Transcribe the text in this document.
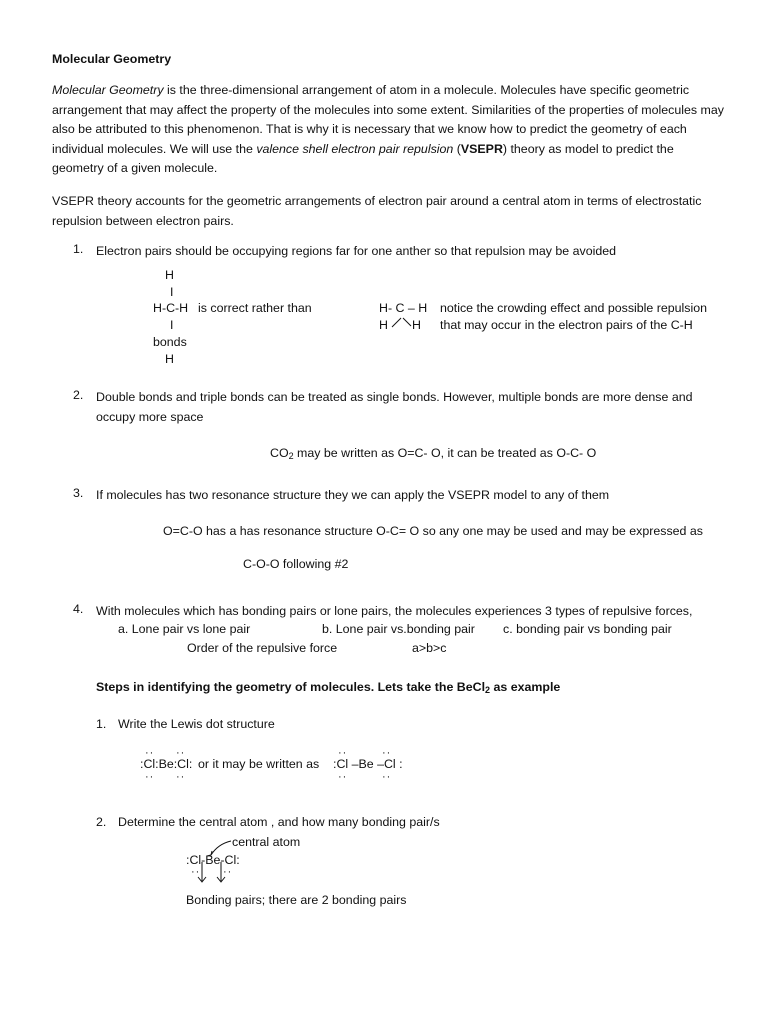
Molecular Geometry
Molecular Geometry is the three-dimensional arrangement of atom in a molecule. Molecules have specific geometric arrangement that may affect the property of the molecules into some extent. Similarities of the properties of molecules may also be attributed to this phenomenon. That is why it is necessary that we know how to predict the geometry of each individual molecules. We will use the valence shell electron pair repulsion (VSEPR) theory as model to predict the geometry of a given molecule.
VSEPR theory accounts for the geometric arrangements of electron pair around a central atom in terms of electrostatic repulsion between electron pairs.
1. Electron pairs should be occupying regions far for one anther so that repulsion may be avoided
H
I
H-C-H is correct rather than
I
bonds
H
H- C – H
H H
notice the crowding effect and possible repulsion
that may occur in the electron pairs of the C-H
2. Double bonds and triple bonds can be treated as single bonds. However, multiple bonds are more dense and occupy more space
$CO_2$ may be written as O=C- O, it can be treated as O-C- O
3. If molecules has two resonance structure they we can apply the VSEPR model to any of them
O=C-O has a has resonance structure O-C= O so any one may be used and may be expressed as
C-O-O following #2
4. With molecules which has bonding pairs or lone pairs, the molecules experiences 3 types of repulsive forces,
a. Lone pair vs lone pair	b. Lone pair vs.bonding pair c. bonding pair vs bonding pair
Order of the repulsive force	a>b>c
Steps in identifying the geometry of molecules. Lets take the BeCl$_2$ as example
1. Write the Lewis dot structure
:Cl:Be:Cl: or it may be written as :Cl –Be –Cl :
·· ··
·· ··
··	··
··	··
2. Determine the central atom , and how many bonding pair/s
central atom
:Cl-Be-Cl:
·· ··
Bonding pairs; there are 2 bonding pairs
